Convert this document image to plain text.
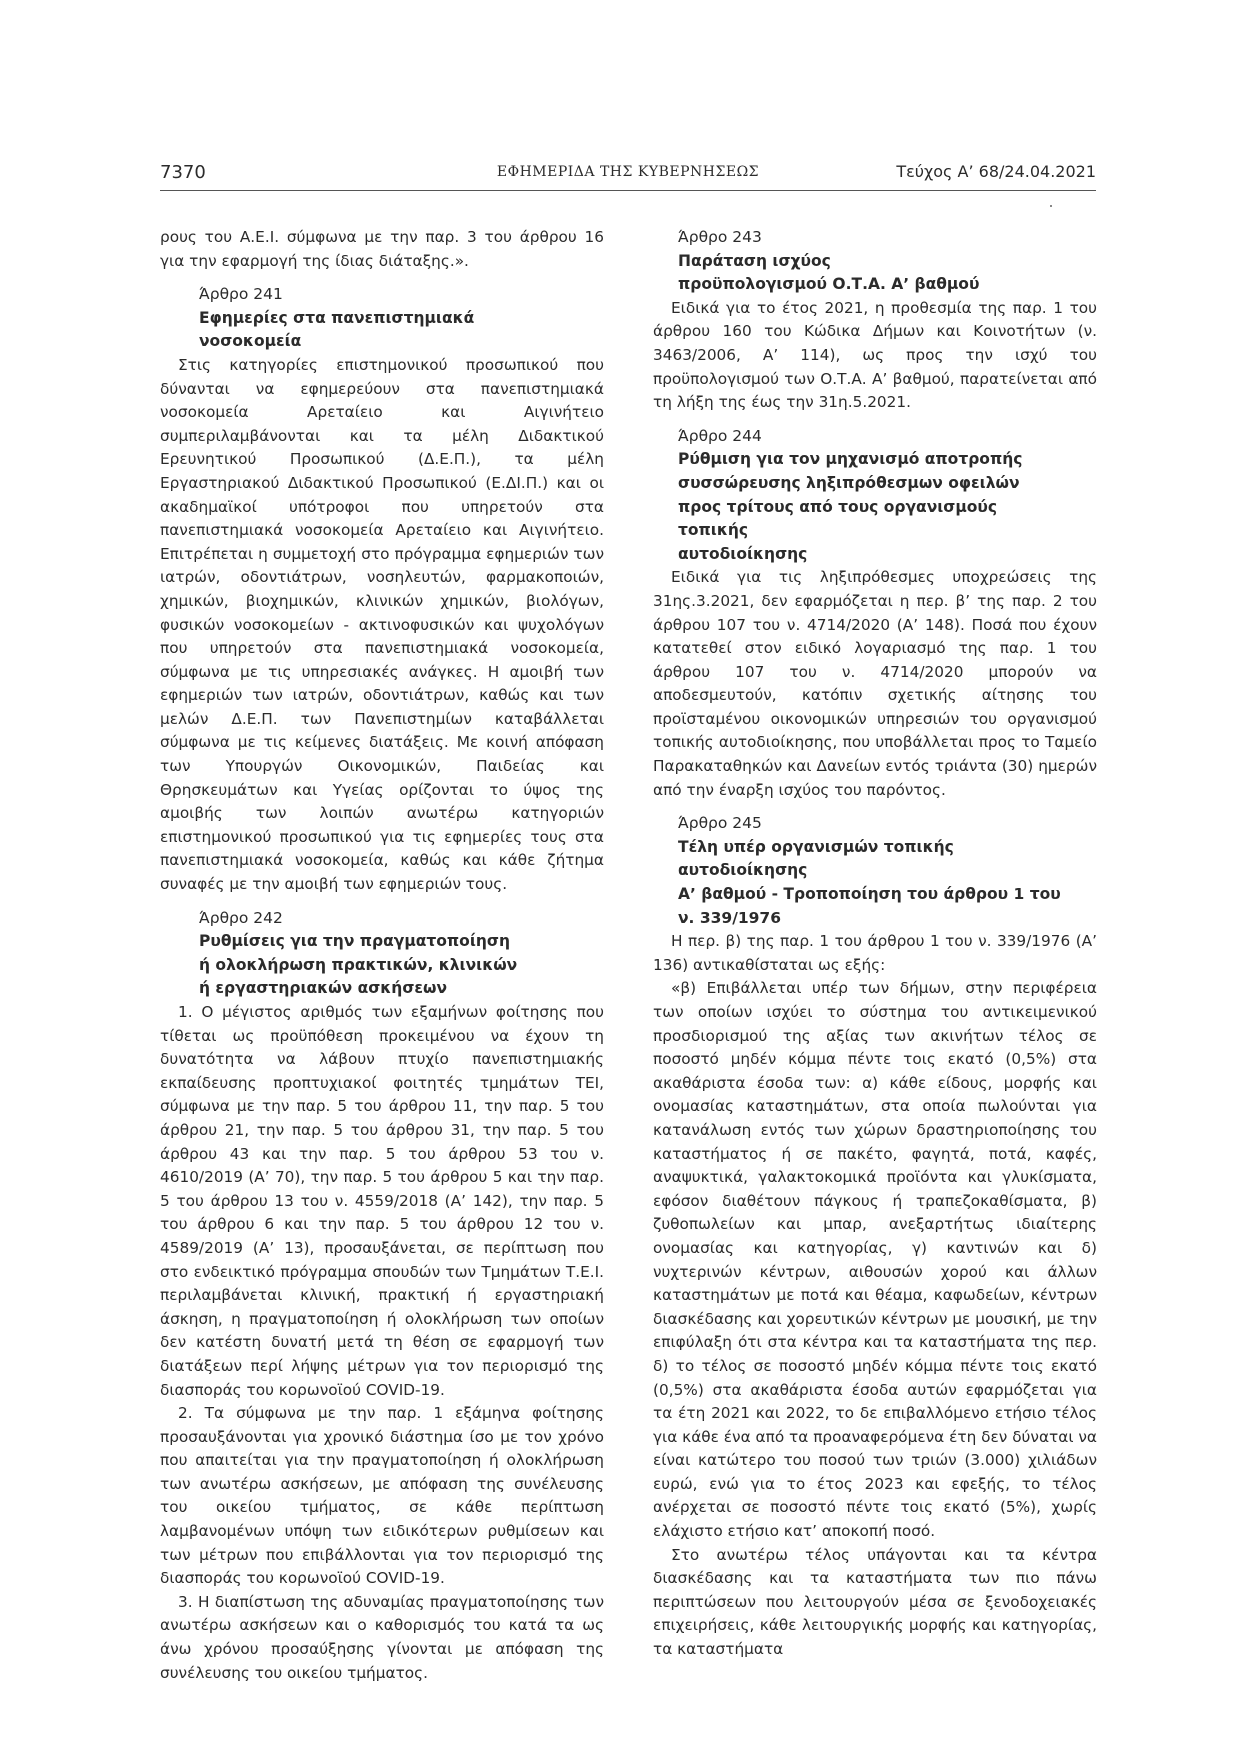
7370	ΕΦΗΜΕΡΙΔΑ ΤΗΣ ΚΥΒΕΡΝΗΣΕΩΣ	Τεύχος A’ 68/24.04.2021

ρους του Α.Ε.Ι. σύμφωνα με την παρ. 3 του άρθρου 16 για την εφαρμογή της ίδιας διάταξης.».

Άρθρο 241

Εφημερίες στα πανεπιστημιακά νοσοκομεία

Στις κατηγορίες επιστημονικού προσωπικού που δύνανται να εφημερεύουν στα πανεπιστημιακά νοσοκομεία Αρεταίειο και Αιγινήτειο συμπεριλαμβάνονται και τα μέλη Διδακτικού Ερευνητικού Προσωπικού (Δ.Ε.Π.), τα μέλη Εργαστηριακού Διδακτικού Προσωπικού (Ε.ΔΙ.Π.) και οι ακαδημαϊκοί υπότροφοι που υπηρετούν στα πανεπιστημιακά νοσοκομεία Αρεταίειο και Αιγινήτειο. Επιτρέπεται η συμμετοχή στο πρόγραμμα εφημεριών των ιατρών, οδοντιάτρων, νοσηλευτών, φαρμακοποιών, χημικών, βιοχημικών, κλινικών χημικών, βιολόγων, φυσικών νοσοκομείων - ακτινοφυσικών και ψυχολόγων που υπηρετούν στα πανεπιστημιακά νοσοκομεία, σύμφωνα με τις υπηρεσιακές ανάγκες. Η αμοιβή των εφημεριών των ιατρών, οδοντιάτρων, καθώς και των μελών Δ.Ε.Π. των Πανεπιστημίων καταβάλλεται σύμφωνα με τις κείμενες διατάξεις. Με κοινή απόφαση των Υπουργών Οικονομικών, Παιδείας και Θρησκευμάτων και Υγείας ορίζονται το ύψος της αμοιβής των λοιπών ανωτέρω κατηγοριών επιστημονικού προσωπικού για τις εφημερίες τους στα πανεπιστημιακά νοσοκομεία, καθώς και κάθε ζήτημα συναφές με την αμοιβή των εφημεριών τους.

Άρθρο 242

Ρυθμίσεις για την πραγματοποίηση
ή ολοκλήρωση πρακτικών, κλινικών
ή εργαστηριακών ασκήσεων

1. Ο μέγιστος αριθμός των εξαμήνων φοίτησης που τίθεται ως προϋπόθεση προκειμένου να έχουν τη δυνατότητα να λάβουν πτυχίο πανεπιστημιακής εκπαίδευσης προπτυχιακοί φοιτητές τμημάτων ΤΕΙ, σύμφωνα με την παρ. 5 του άρθρου 11, την παρ. 5 του άρθρου 21, την παρ. 5 του άρθρου 31, την παρ. 5 του άρθρου 43 και την παρ. 5 του άρθρου 53 του ν. 4610/2019 (Α’ 70), την παρ. 5 του άρθρου 5 και την παρ. 5 του άρθρου 13 του ν. 4559/2018 (Α’ 142), την παρ. 5 του άρθρου 6 και την παρ. 5 του άρθρου 12 του ν. 4589/2019 (Α’ 13), προσαυξάνεται, σε περίπτωση που στο ενδεικτικό πρόγραμμα σπουδών των Τμημάτων Τ.Ε.Ι. περιλαμβάνεται κλινική, πρακτική ή εργαστηριακή άσκηση, η πραγματοποίηση ή ολοκλήρωση των οποίων δεν κατέστη δυνατή μετά τη θέση σε εφαρμογή των διατάξεων περί λήψης μέτρων για τον περιορισμό της διασποράς του κορωνοϊού COVID-19.

2. Τα σύμφωνα με την παρ. 1 εξάμηνα φοίτησης προσαυξάνονται για χρονικό διάστημα ίσο με τον χρόνο που απαιτείται για την πραγματοποίηση ή ολοκλήρωση των ανωτέρω ασκήσεων, με απόφαση της συνέλευσης του οικείου τμήματος, σε κάθε περίπτωση λαμβανομένων υπόψη των ειδικότερων ρυθμίσεων και των μέτρων που επιβάλλονται για τον περιορισμό της διασποράς του κορωνοϊού COVID-19.

3. Η διαπίστωση της αδυναμίας πραγματοποίησης των ανωτέρω ασκήσεων και ο καθορισμός του κατά τα ως άνω χρόνου προσαύξησης γίνονται με απόφαση της συνέλευσης του οικείου τμήματος.

Άρθρο 243

Παράταση ισχύος
προϋπολογισμού Ο.Τ.Α. Α’ βαθμού

Ειδικά για το έτος 2021, η προθεσμία της παρ. 1 του άρθρου 160 του Κώδικα Δήμων και Κοινοτήτων (ν. 3463/2006, Α’ 114), ως προς την ισχύ του προϋπολογισμού των Ο.Τ.Α. Α’ βαθμού, παρατείνεται από τη λήξη της έως την 31η.5.2021.

Άρθρο 244

Ρύθμιση για τον μηχανισμό αποτροπής
συσσώρευσης ληξιπρόθεσμων οφειλών
προς τρίτους από τους οργανισμούς τοπικής
αυτοδιοίκησης

Ειδικά για τις ληξιπρόθεσμες υποχρεώσεις της 31ης.3.2021, δεν εφαρμόζεται η περ. β’ της παρ. 2 του άρθρου 107 του ν. 4714/2020 (Α’ 148). Ποσά που έχουν κατατεθεί στον ειδικό λογαριασμό της παρ. 1 του άρθρου 107 του ν. 4714/2020 μπορούν να αποδεσμευτούν, κατόπιν σχετικής αίτησης του προϊσταμένου οικονομικών υπηρεσιών του οργανισμού τοπικής αυτοδιοίκησης, που υποβάλλεται προς το Ταμείο Παρακαταθηκών και Δανείων εντός τριάντα (30) ημερών από την έναρξη ισχύος του παρόντος.

Άρθρο 245

Τέλη υπέρ οργανισμών τοπικής αυτοδιοίκησης
Α’ βαθμού - Τροποποίηση του άρθρου 1 του
ν. 339/1976

Η περ. β) της παρ. 1 του άρθρου 1 του ν. 339/1976 (Α’ 136) αντικαθίσταται ως εξής:

«β) Επιβάλλεται υπέρ των δήμων, στην περιφέρεια των οποίων ισχύει το σύστημα του αντικειμενικού προσδιορισμού της αξίας των ακινήτων τέλος σε ποσοστό μηδέν κόμμα πέντε τοις εκατό (0,5%) στα ακαθάριστα έσοδα των: α) κάθε είδους, μορφής και ονομασίας καταστημάτων, στα οποία πωλούνται για κατανάλωση εντός των χώρων δραστηριοποίησης του καταστήματος ή σε πακέτο, φαγητά, ποτά, καφές, αναψυκτικά, γαλακτοκομικά προϊόντα και γλυκίσματα, εφόσον διαθέτουν πάγκους ή τραπεζοκαθίσματα, β) ζυθοπωλείων και μπαρ, ανεξαρτήτως ιδιαίτερης ονομασίας και κατηγορίας, γ) καντινών και δ) νυχτερινών κέντρων, αιθουσών χορού και άλλων καταστημάτων με ποτά και θέαμα, καφωδείων, κέντρων διασκέδασης και χορευτικών κέντρων με μουσική, με την επιφύλαξη ότι στα κέντρα και τα καταστήματα της περ. δ) το τέλος σε ποσοστό μηδέν κόμμα πέντε τοις εκατό (0,5%) στα ακαθάριστα έσοδα αυτών εφαρμόζεται για τα έτη 2021 και 2022, το δε επιβαλλόμενο ετήσιο τέλος για κάθε ένα από τα προαναφερόμενα έτη δεν δύναται να είναι κατώτερο του ποσού των τριών (3.000) χιλιάδων ευρώ, ενώ για το έτος 2023 και εφεξής, το τέλος ανέρχεται σε ποσοστό πέντε τοις εκατό (5%), χωρίς ελάχιστο ετήσιο κατ’ αποκοπή ποσό.

Στο ανωτέρω τέλος υπάγονται και τα κέντρα διασκέδασης και τα καταστήματα των πιο πάνω περιπτώσεων που λειτουργούν μέσα σε ξενοδοχειακές επιχειρήσεις, κάθε λειτουργικής μορφής και κατηγορίας, τα καταστήματα
